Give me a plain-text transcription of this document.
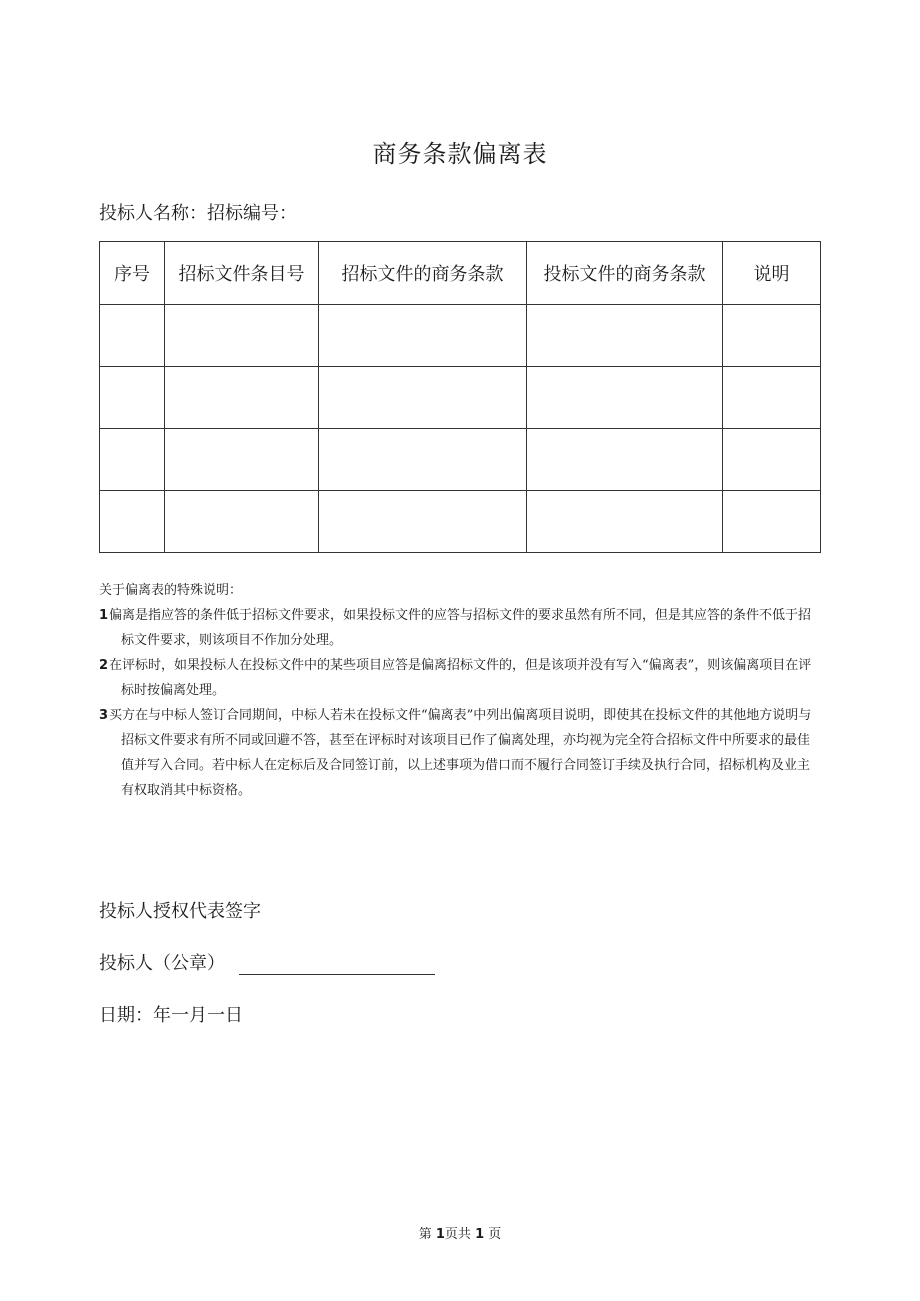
商务条款偏离表
投标人名称：招标编号：
序号	招标文件条目号	招标文件的商务条款	投标文件的商务条款	说明

关于偏离表的特殊说明：

1偏离是指应答的条件低于招标文件要求，如果投标文件的应答与招标文件的要求虽然有所不同，但是其应答的条件不低于招标文件要求，则该项目不作加分处理。

2在评标时，如果投标人在投标文件中的某些项目应答是偏离招标文件的，但是该项并没有写入“偏离表”，则该偏离项目在评标时按偏离处理。

3买方在与中标人签订合同期间，中标人若未在投标文件“偏离表”中列出偏离项目说明，即使其在投标文件的其他地方说明与招标文件要求有所不同或回避不答，甚至在评标时对该项目已作了偏离处理，亦均视为完全符合招标文件中所要求的最佳值并写入合同。若中标人在定标后及合同签订前，以上述事项为借口而不履行合同签订手续及执行合同，招标机构及业主有权取消其中标资格。

投标人授权代表签字
投标人（公章）
日期：年一月一日
第 1页共 1 页
